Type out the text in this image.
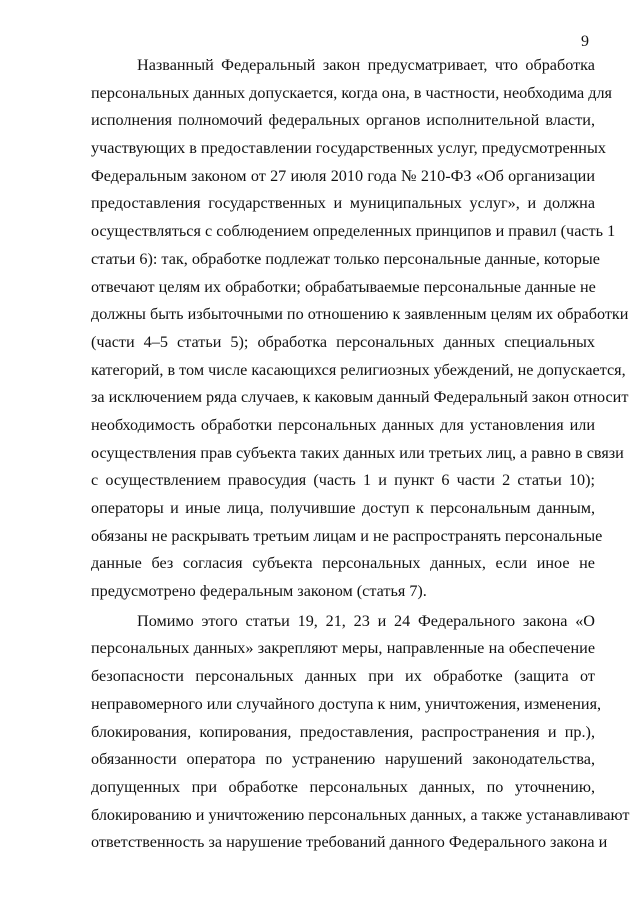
9
Названный Федеральный закон предусматривает, что обработка
персональных данных допускается, когда она, в частности, необходима для
исполнения полномочий федеральных органов исполнительной власти,
участвующих в предоставлении государственных услуг, предусмотренных
Федеральным законом от 27 июля 2010 года № 210-ФЗ «Об организации
предоставления государственных и муниципальных услуг», и должна
осуществляться с соблюдением определенных принципов и правил (часть 1
статьи 6): так, обработке подлежат только персональные данные, которые
отвечают целям их обработки; обрабатываемые персональные данные не
должны быть избыточными по отношению к заявленным целям их обработки
(части 4–5 статьи 5); обработка персональных данных специальных
категорий, в том числе касающихся религиозных убеждений, не допускается,
за исключением ряда случаев, к каковым данный Федеральный закон относит
необходимость обработки персональных данных для установления или
осуществления прав субъекта таких данных или третьих лиц, а равно в связи
с осуществлением правосудия (часть 1 и пункт 6 части 2 статьи 10);
операторы и иные лица, получившие доступ к персональным данным,
обязаны не раскрывать третьим лицам и не распространять персональные
данные без согласия субъекта персональных данных, если иное не
предусмотрено федеральным законом (статья 7).
Помимо этого статьи 19, 21, 23 и 24 Федерального закона «О
персональных данных» закрепляют меры, направленные на обеспечение
безопасности персональных данных при их обработке (защита от
неправомерного или случайного доступа к ним, уничтожения, изменения,
блокирования, копирования, предоставления, распространения и пр.),
обязанности оператора по устранению нарушений законодательства,
допущенных при обработке персональных данных, по уточнению,
блокированию и уничтожению персональных данных, а также устанавливают
ответственность за нарушение требований данного Федерального закона и
